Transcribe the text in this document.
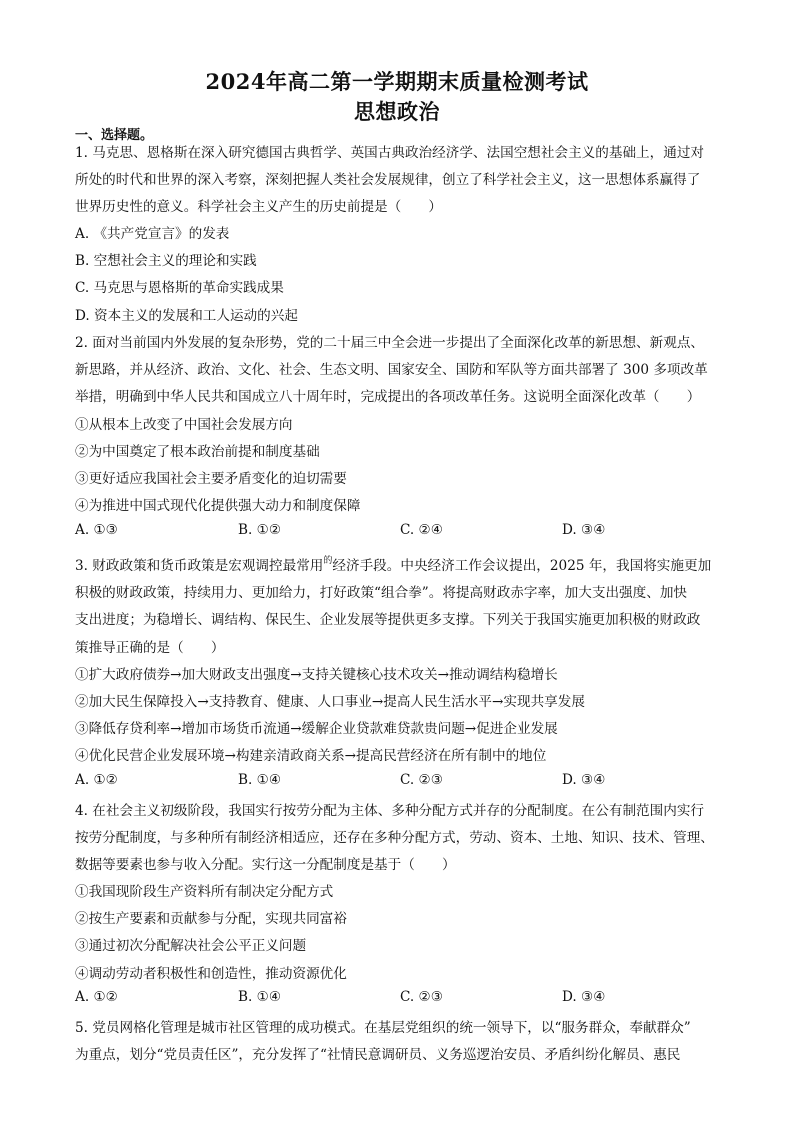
2024年高二第一学期期末质量检测考试
思想政治
一、选择题。
1. 马克思、恩格斯在深入研究德国古典哲学、英国古典政治经济学、法国空想社会主义的基础上，通过对
所处的时代和世界的深入考察，深刻把握人类社会发展规律，创立了科学社会主义，这一思想体系赢得了
世界历史性的意义。科学社会主义产生的历史前提是（　　）
A. 《共产党宣言》的发表
B. 空想社会主义的理论和实践
C. 马克思与恩格斯的革命实践成果
D. 资本主义的发展和工人运动的兴起
2. 面对当前国内外发展的复杂形势，党的二十届三中全会进一步提出了全面深化改革的新思想、新观点、
新思路，并从经济、政治、文化、社会、生态文明、国家安全、国防和军队等方面共部署了 300 多项改革
举措，明确到中华人民共和国成立八十周年时，完成提出的各项改革任务。这说明全面深化改革（　　）
①从根本上改变了中国社会发展方向
②为中国奠定了根本政治前提和制度基础
③更好适应我国社会主要矛盾变化的迫切需要
④为推进中国式现代化提供强大动力和制度保障
A. ①③	B. ①②	C. ②④	D. ③④
3. 财政政策和货币政策是宏观调控最常用$^的$经济手段。中央经济工作会议提出，2025 年，我国将实施更加
积极的财政政策，持续用力、更加给力，打好政策“组合拳”。将提高财政赤字率，加大支出强度、加快
支出进度；为稳增长、调结构、保民生、企业发展等提供更多支撑。下列关于我国实施更加积极的财政政
策推导正确的是（　　）
①扩大政府债券→加大财政支出强度→支持关键核心技术攻关→推动调结构稳增长
②加大民生保障投入→支持教育、健康、人口事业→提高人民生活水平→实现共享发展
③降低存贷利率→增加市场货币流通→缓解企业贷款难贷款贵问题→促进企业发展
④优化民营企业发展环境→构建亲清政商关系→提高民营经济在所有制中的地位
A. ①②	B. ①④	C. ②③	D. ③④
4. 在社会主义初级阶段，我国实行按劳分配为主体、多种分配方式并存的分配制度。在公有制范围内实行
按劳分配制度，与多种所有制经济相适应，还存在多种分配方式，劳动、资本、土地、知识、技术、管理、
数据等要素也参与收入分配。实行这一分配制度是基于（　　）
①我国现阶段生产资料所有制决定分配方式
②按生产要素和贡献参与分配，实现共同富裕
③通过初次分配解决社会公平正义问题
④调动劳动者积极性和创造性，推动资源优化
A. ①②	B. ①④	C. ②③	D. ③④
5. 党员网格化管理是城市社区管理的成功模式。在基层党组织的统一领导下，以“服务群众，奉献群众”
为重点，划分“党员责任区”，充分发挥了“社情民意调研员、义务巡逻治安员、矛盾纠纷化解员、惠民
